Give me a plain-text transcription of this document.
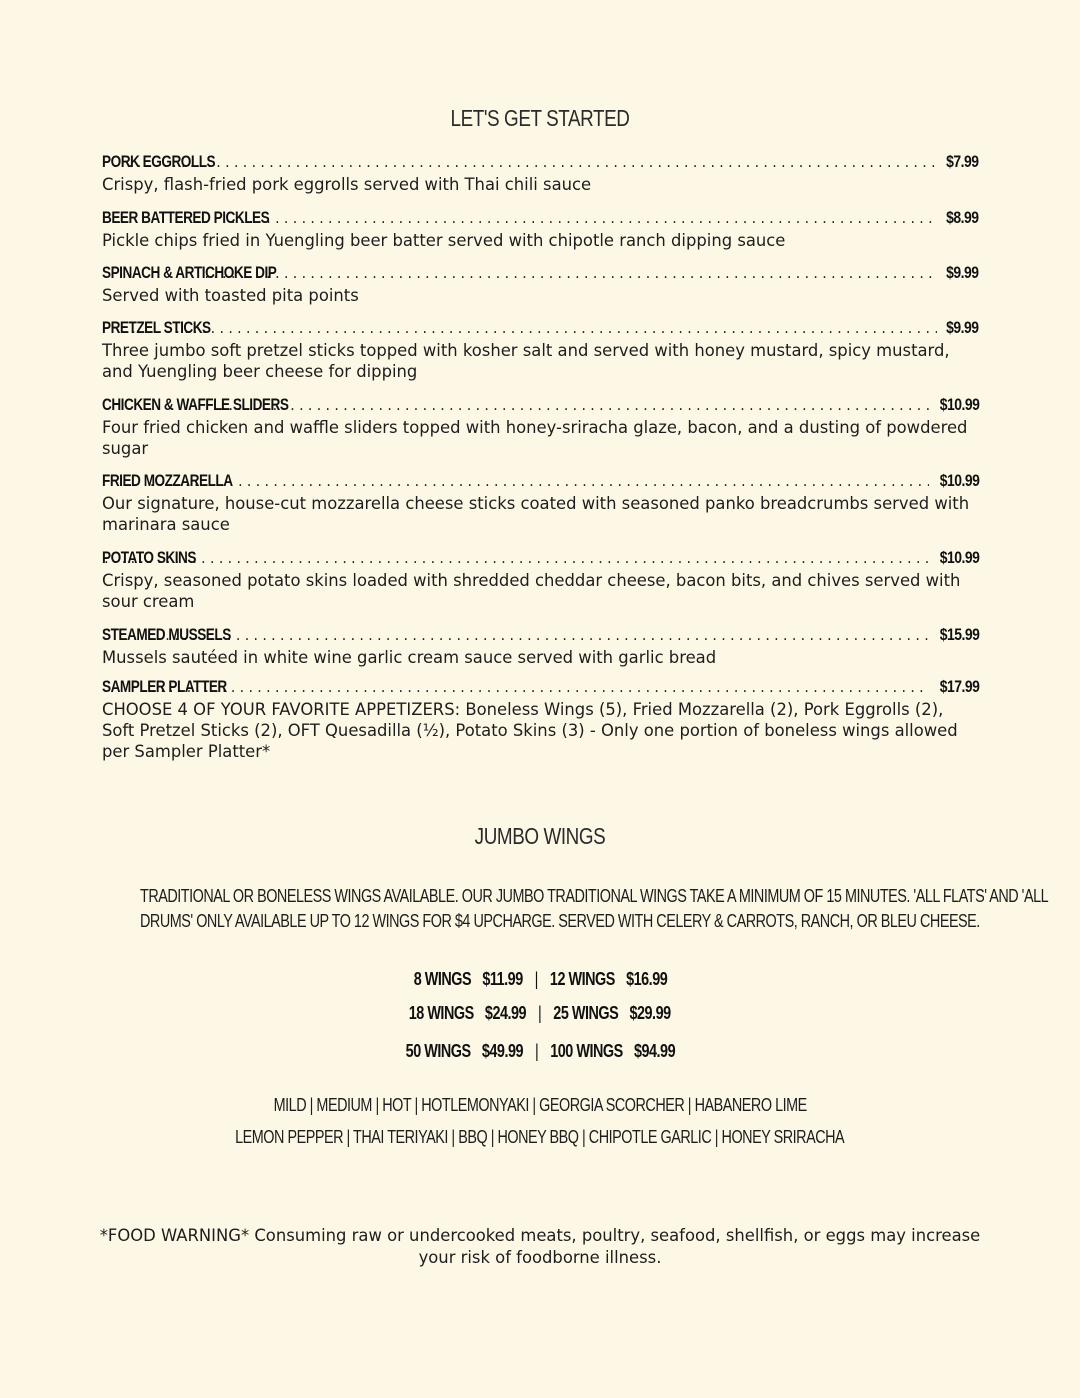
LET'S GET STARTED
PORK EGGROLLS .....	$7.99
Crispy, flash-fried pork eggrolls served with Thai chili sauce
BEER BATTERED PICKLES .....	$8.99
Pickle chips fried in Yuengling beer batter served with chipotle ranch dipping sauce
SPINACH & ARTICHOKE DIP .....	$9.99
Served with toasted pita points
PRETZEL STICKS .....	$9.99
Three jumbo soft pretzel sticks topped with kosher salt and served with honey mustard, spicy mustard, and Yuengling beer cheese for dipping
CHICKEN & WAFFLE SLIDERS .....	$10.99
Four fried chicken and waffle sliders topped with honey-sriracha glaze, bacon, and a dusting of powdered sugar
FRIED MOZZARELLA .....	$10.99
Our signature, house-cut mozzarella cheese sticks coated with seasoned panko breadcrumbs served with marinara sauce
POTATO SKINS .....	$10.99
Crispy, seasoned potato skins loaded with shredded cheddar cheese, bacon bits, and chives served with sour cream
STEAMED MUSSELS .....	$15.99
Mussels sautéed in white wine garlic cream sauce served with garlic bread
SAMPLER PLATTER .....	$17.99
CHOOSE 4 OF YOUR FAVORITE APPETIZERS: Boneless Wings (5), Fried Mozzarella (2), Pork Eggrolls (2), Soft Pretzel Sticks (2), OFT Quesadilla (½), Potato Skins (3) - Only one portion of boneless wings allowed per Sampler Platter*
JUMBO WINGS
TRADITIONAL OR BONELESS WINGS AVAILABLE. OUR JUMBO TRADITIONAL WINGS TAKE A MINIMUM OF 15 MINUTES. 'ALL FLATS' AND 'ALL
DRUMS' ONLY AVAILABLE UP TO 12 WINGS FOR $4 UPCHARGE. SERVED WITH CELERY & CARROTS, RANCH, OR BLEU CHEESE.
8 WINGS $11.99 | 12 WINGS $16.99
18 WINGS $24.99 | 25 WINGS $29.99
50 WINGS $49.99 | 100 WINGS $94.99
MILD | MEDIUM | HOT | HOTLEMONYAKI | GEORGIA SCORCHER | HABANERO LIME
LEMON PEPPER | THAI TERIYAKI | BBQ | HONEY BBQ | CHIPOTLE GARLIC | HONEY SRIRACHA
*FOOD WARNING* Consuming raw or undercooked meats, poultry, seafood, shellfish, or eggs may increase your risk of foodborne illness.
